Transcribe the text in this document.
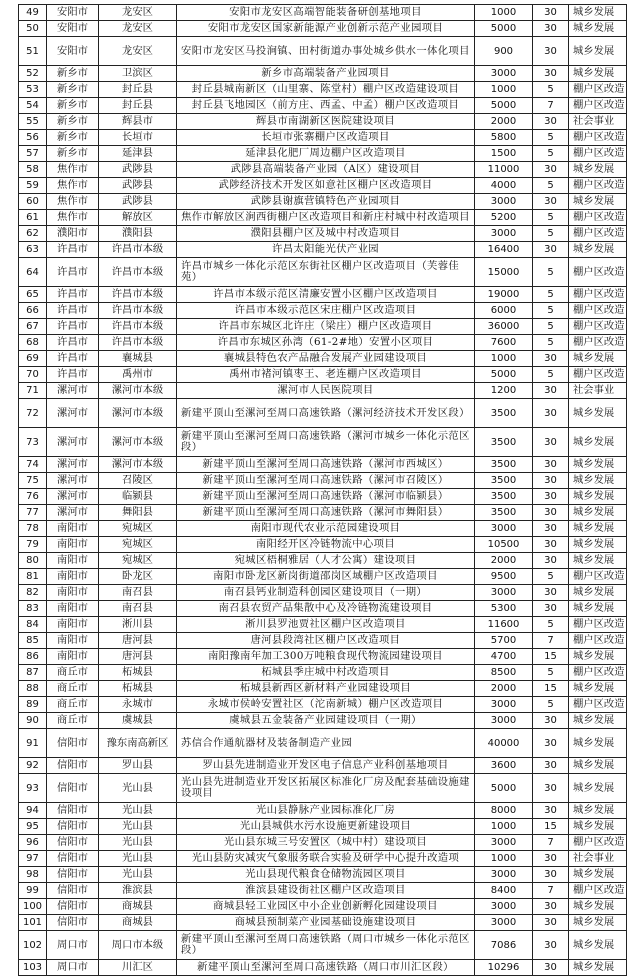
49	安阳市	龙安区	安阳市龙安区高端智能装备研创基地项目	1000	30	城乡发展
50	安阳市	龙安区	安阳市龙安区国家新能源产业创新示范产业园项目	5000	30	城乡发展
51	安阳市	龙安区	安阳市龙安区马投涧镇、田村街道办事处城乡供水一体化项目	900	30	城乡发展
52	新乡市	卫滨区	新乡市高端装备产业园项目	3000	30	城乡发展
53	新乡市	封丘县	封丘县城南新区（山里寨、陈堂村）棚户区改造建设项目	1000	5	棚户区改造
54	新乡市	封丘县	封丘县飞地园区（前方庄、西孟、中孟）棚户区改造项目	5000	7	棚户区改造
55	新乡市	辉县市	辉县市南湖新区医院建设项目	2000	30	社会事业
56	新乡市	长垣市	长垣市张寨棚户区改造项目	5800	5	棚户区改造
57	新乡市	延津县	延津县化肥厂周边棚户区改造项目	1500	5	棚户区改造
58	焦作市	武陟县	武陟县高端装备产业园（A区）建设项目	11000	30	城乡发展
59	焦作市	武陟县	武陟经济技术开发区如意社区棚户区改造项目	4000	5	棚户区改造
60	焦作市	武陟县	武陟县谢旗营镇特色产业园项目	3000	30	城乡发展
61	焦作市	解放区	焦作市解放区涧西街棚户区改造项目和新庄村城中村改造项目	5200	5	棚户区改造
62	濮阳市	濮阳县	濮阳县棚户区及城中村改造项目	3000	5	棚户区改造
63	许昌市	许昌市本级	许昌太阳能光伏产业园	16400	30	城乡发展
64	许昌市	许昌市本级	许昌市城乡一体化示范区东街社区棚户区改造项目（芙蓉佳苑）	15000	5	棚户区改造
65	许昌市	许昌市本级	许昌市本级示范区清廉安置小区棚户区改造项目	19000	5	棚户区改造
66	许昌市	许昌市本级	许昌市本级示范区宋庄棚户区改造项目	6000	5	棚户区改造
67	许昌市	许昌市本级	许昌市东城区北许庄（梁庄）棚户区改造项目	36000	5	棚户区改造
68	许昌市	许昌市本级	许昌市东城区孙湾（61-2#地）安置小区项目	7600	5	棚户区改造
69	许昌市	襄城县	襄城县特色农产品融合发展产业园建设项目	1000	30	城乡发展
70	许昌市	禹州市	禹州市褚河镇枣王、老连棚户区改造项目	5000	5	棚户区改造
71	漯河市	漯河市本级	漯河市人民医院项目	1200	30	社会事业
72	漯河市	漯河市本级	新建平顶山至漯河至周口高速铁路（漯河经济技术开发区段）	3500	30	城乡发展
73	漯河市	漯河市本级	新建平顶山至漯河至周口高速铁路（漯河市城乡一体化示范区段）	3500	30	城乡发展
74	漯河市	漯河市本级	新建平顶山至漯河至周口高速铁路（漯河市西城区）	3500	30	城乡发展
75	漯河市	召陵区	新建平顶山至漯河至周口高速铁路（漯河市召陵区）	3500	30	城乡发展
76	漯河市	临颍县	新建平顶山至漯河至周口高速铁路（漯河市临颍县）	3500	30	城乡发展
77	漯河市	舞阳县	新建平顶山至漯河至周口高速铁路（漯河市舞阳县）	3500	30	城乡发展
78	南阳市	宛城区	南阳市现代农业示范园建设项目	3000	30	城乡发展
79	南阳市	宛城区	南阳经开区冷链物流中心项目	10500	30	城乡发展
80	南阳市	宛城区	宛城区梧桐雅居（人才公寓）建设项目	2000	30	城乡发展
81	南阳市	卧龙区	南阳市卧龙区新岗街道邵岗区域棚户区改造项目	9500	5	棚户区改造
82	南阳市	南召县	南召县钙业制造科创园区建设项目（一期）	3000	30	城乡发展
83	南阳市	南召县	南召县农贸产品集散中心及冷链物流建设项目	5300	30	城乡发展
84	南阳市	淅川县	淅川县罗池贾社区棚户区改造项目	11600	5	棚户区改造
85	南阳市	唐河县	唐河县段湾社区棚户区改造项目	5700	7	棚户区改造
86	南阳市	唐河县	南阳豫南年加工300万吨粮食现代物流园建设项目	4700	15	城乡发展
87	商丘市	柘城县	柘城县季庄城中村改造项目	8500	5	棚户区改造
88	商丘市	柘城县	柘城县新西区新材料产业园建设项目	2000	15	城乡发展
89	商丘市	永城市	永城市侯岭安置社区（沱南新城）棚户区改造项目	3000	5	棚户区改造
90	商丘市	虞城县	虞城县五金装备产业园建设项目（一期）	3000	30	城乡发展
91	信阳市	豫东南高新区	苏信合作通航器材及装备制造产业园	40000	30	城乡发展
92	信阳市	罗山县	罗山县先进制造业开发区电子信息产业科创基地项目	3600	30	城乡发展
93	信阳市	光山县	光山县先进制造业开发区拓展区标准化厂房及配套基础设施建设项目	5000	30	城乡发展
94	信阳市	光山县	光山县静脉产业园标准化厂房	8000	30	城乡发展
95	信阳市	光山县	光山县城供水污水设施更新建设项目	1000	15	城乡发展
96	信阳市	光山县	光山县东城三号安置区（城中村）建设项目	3000	7	棚户区改造
97	信阳市	光山县	光山县防灾减灾气象服务联合实验及研学中心提升改造项	1000	30	社会事业
98	信阳市	光山县	光山县现代粮食仓储物流园区项目	3000	30	城乡发展
99	信阳市	淮滨县	淮滨县建设街社区棚户区改造项目	8400	7	棚户区改造
100	信阳市	商城县	商城县轻工业园区中小企业创新孵化园建设项目	3000	30	城乡发展
101	信阳市	商城县	商城县预制菜产业园基础设施建设项目	3000	30	城乡发展
102	周口市	周口市本级	新建平顶山至漯河至周口高速铁路（周口市城乡一体化示范区段）	7086	30	城乡发展
103	周口市	川汇区	新建平顶山至漯河至周口高速铁路（周口市川汇区段）	10296	30	城乡发展
